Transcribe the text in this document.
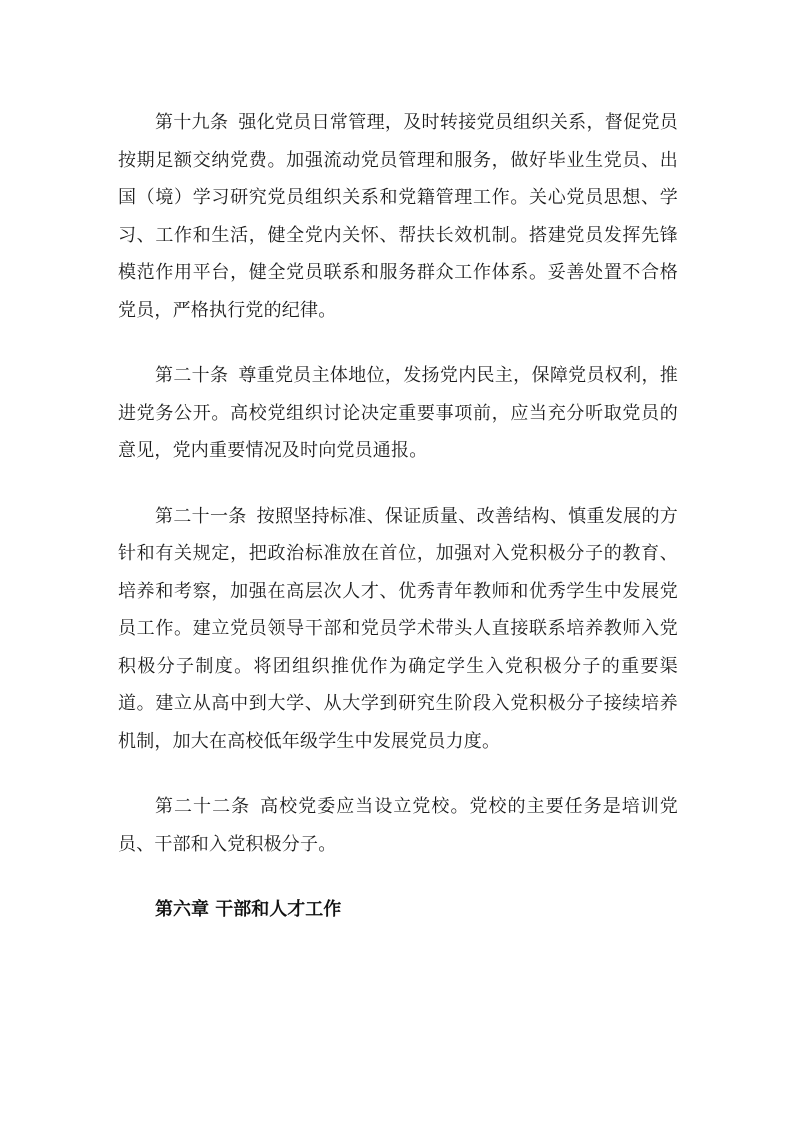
第十九条 强化党员日常管理，及时转接党员组织关系，督促党员按期足额交纳党费。加强流动党员管理和服务，做好毕业生党员、出国（境）学习研究党员组织关系和党籍管理工作。关心党员思想、学习、工作和生活，健全党内关怀、帮扶长效机制。搭建党员发挥先锋模范作用平台，健全党员联系和服务群众工作体系。妥善处置不合格党员，严格执行党的纪律。

第二十条 尊重党员主体地位，发扬党内民主，保障党员权利，推进党务公开。高校党组织讨论决定重要事项前，应当充分听取党员的意见，党内重要情况及时向党员通报。

第二十一条 按照坚持标准、保证质量、改善结构、慎重发展的方针和有关规定，把政治标准放在首位，加强对入党积极分子的教育、培养和考察，加强在高层次人才、优秀青年教师和优秀学生中发展党员工作。建立党员领导干部和党员学术带头人直接联系培养教师入党积极分子制度。将团组织推优作为确定学生入党积极分子的重要渠道。建立从高中到大学、从大学到研究生阶段入党积极分子接续培养机制，加大在高校低年级学生中发展党员力度。

第二十二条 高校党委应当设立党校。党校的主要任务是培训党员、干部和入党积极分子。

第六章 干部和人才工作
